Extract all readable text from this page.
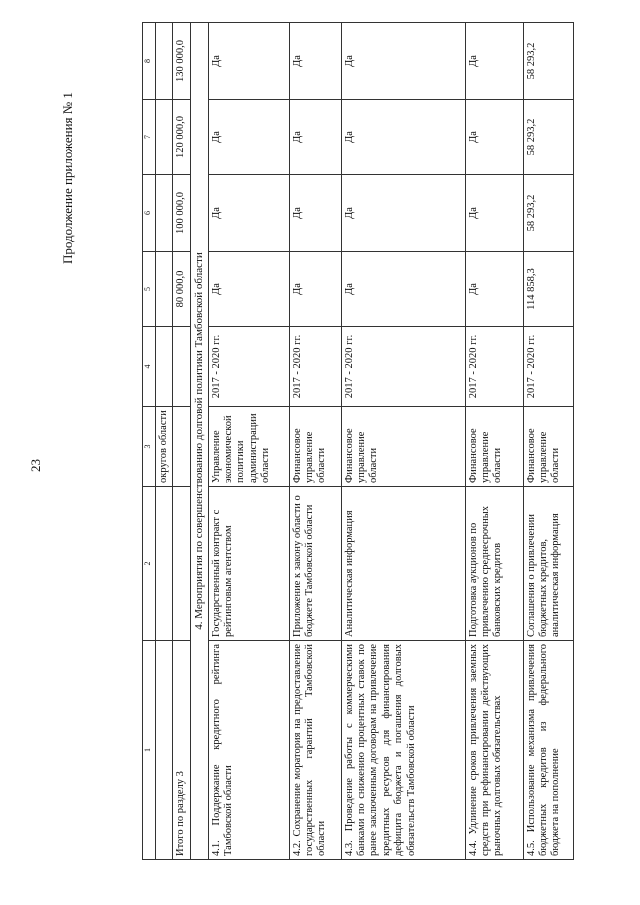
23
Продолжение приложения № 1
1	2	3	4	5	6	7	8
		округов области					
Итого по разделу 3				80 000,0	100 000,0	120 000,0	130 000,0
4. Мероприятия по совершенствованию долговой политики Тамбовской области							
4.1. Поддержание кредитного рейтинга Тамбовской области	Государственный контракт с рейтинговым агентством	Управление экономической политики администрации области	2017 - 2020 гг.	Да	Да	Да	Да
4.2. Сохранение моратория на предоставление государственных гарантий Тамбовской области	Приложение к закону области о бюджете Тамбовской области	Финансовое управление области	2017 - 2020 гг.	Да	Да	Да	Да
4.3. Проведение работы с коммерческими банками по снижению процентных ставок по ранее заключенным договорам на привлечение кредитных ресурсов для финансирования дефицита бюджета и погашения долговых обязательств Тамбовской области	Аналитическая информация	Финансовое управление области	2017 - 2020 гг.	Да	Да	Да	Да
4.4. Удлинение сроков привлечения заемных средств при рефинансировании действующих рыночных долговых обязательствах	Подготовка аукционов по привлечению среднесрочных банковских кредитов	Финансовое управление области	2017 - 2020 гг.	Да	Да	Да	Да
4.5. Использование механизма привлечения бюджетных кредитов из федерального бюджета на пополнение	Соглашения о привлечении бюджетных кредитов, аналитическая информация	Финансовое управление области	2017 - 2020 гг.	114 858,3	58 293,2	58 293,2	58 293,2
